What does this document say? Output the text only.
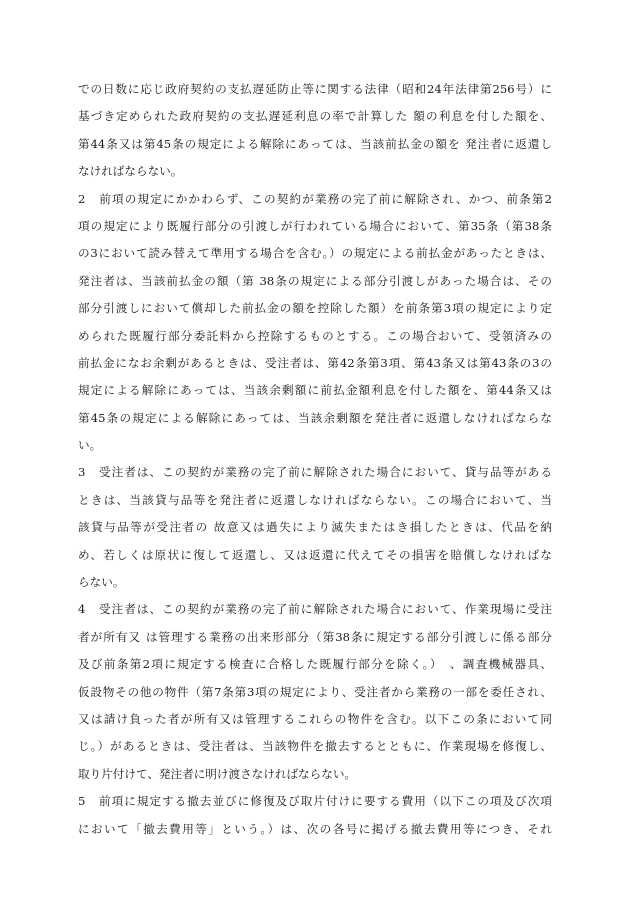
での日数に応じ政府契約の支払遅延防止等に関する法律（昭和24年法律第256号）に
基づき定められた政府契約の支払遅延利息の率で計算した 額の利息を付した額を、
第44条又は第45条の規定による解除にあっては、当該前払金の額を 発注者に返還し
なければならない。
2　前項の規定にかかわらず、この契約が業務の完了前に解除され、かつ、前条第2
項の規定により既履行部分の引渡しが行われている場合において、第35条（第38条
の3において読み替えて準用する場合を含む。）の規定による前払金があったときは、
発注者は、当該前払金の額（第 38条の規定による部分引渡しがあった場合は、その
部分引渡しにおいて償却した前払金の額を控除した額）を前条第3項の規定により定
められた既履行部分委託料から控除するものとする。この場合おいて、受領済みの
前払金になお余剰があるときは、受注者は、第42条第3項、第43条又は第43条の3の
規定による解除にあっては、当該余剰額に前払金額利息を付した額を、第44条又は
第45条の規定による解除にあっては、当該余剰額を発注者に返還しなければならな
い。
3　受注者は、この契約が業務の完了前に解除された場合において、貸与品等がある
ときは、当該貸与品等を発注者に返還しなければならない。この場合において、当
該貸与品等が受注者の 故意又は過失により滅失またはき損したときは、代品を納
め、若しくは原状に復して返還し、又は返還に代えてその損害を賠償しなければな
らない。
4　受注者は、この契約が業務の完了前に解除された場合において、作業現場に受注
者が所有又 は管理する業務の出来形部分（第38条に規定する部分引渡しに係る部分
及び前条第2項に規定する検査に合格した既履行部分を除く。）　、調査機械器具、
仮設物その他の物件（第7条第3項の規定により、受注者から業務の一部を委任され、
又は請け負った者が所有又は管理するこれらの物件を含む。以下この条において同
じ。）があるときは、受注者は、当該物件を撤去するとともに、作業現場を修復し、
取り片付けて、発注者に明け渡さなければならない。
5　前項に規定する撤去並びに修復及び取片付けに要する費用（以下この項及び次項
において「撤去費用等」という。）は、次の各号に掲げる撤去費用等につき、それ
